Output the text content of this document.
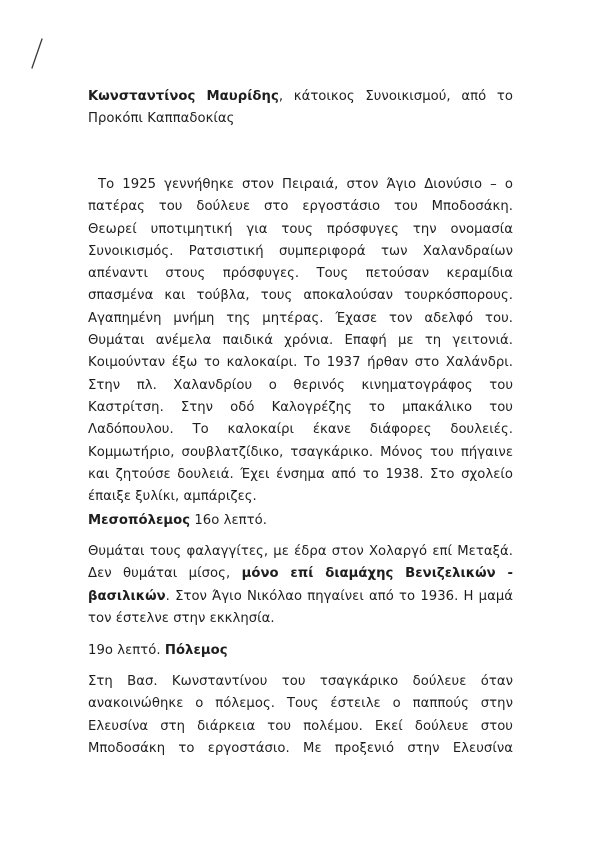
Κωνσταντίνος Μαυρίδης, κάτοικος Συνοικισμού, από το
Προκόπι Καππαδοκίας
Το 1925 γεννήθηκε στον Πειραιά, στον Άγιο Διονύσιο – ο
πατέρας του δούλευε στο εργοστάσιο του Μποδοσάκη.
Θεωρεί υποτιμητική για τους πρόσφυγες την ονομασία
Συνοικισμός. Ρατσιστική συμπεριφορά των Χαλανδραίων
απέναντι στους πρόσφυγες. Τους πετούσαν κεραμίδια
σπασμένα και τούβλα, τους αποκαλούσαν τουρκόσπορους.
Αγαπημένη μνήμη της μητέρας. Έχασε τον αδελφό του.
Θυμάται ανέμελα παιδικά χρόνια. Επαφή με τη γειτονιά.
Κοιμούνταν έξω το καλοκαίρι. Το 1937 ήρθαν στο Χαλάνδρι.
Στην πλ. Χαλανδρίου ο θερινός κινηματογράφος του
Καστρίτση. Στην οδό Καλογρέζης το μπακάλικο του
Λαδόπουλου. Το καλοκαίρι έκανε διάφορες δουλειές.
Κομμωτήριο, σουβλατζίδικο, τσαγκάρικο. Μόνος του πήγαινε
και ζητούσε δουλειά. Έχει ένσημα από το 1938. Στο σχολείο
έπαιξε ξυλίκι, αμπάριζες.
Μεσοπόλεμος 16ο λεπτό.
Θυμάται τους φαλαγγίτες, με έδρα στον Χολαργό επί Μεταξά.
Δεν θυμάται μίσος, μόνο επί διαμάχης Βενιζελικών -
βασιλικών. Στον Άγιο Νικόλαο πηγαίνει από το 1936. Η μαμά
τον έστελνε στην εκκλησία.
19ο λεπτό. Πόλεμος
Στη Βασ. Κωνσταντίνου του τσαγκάρικο δούλευε όταν
ανακοινώθηκε ο πόλεμος. Τους έστειλε ο παππούς στην
Ελευσίνα στη διάρκεια του πολέμου. Εκεί δούλευε στου
Μποδοσάκη το εργοστάσιο. Με προξενιό στην Ελευσίνα
